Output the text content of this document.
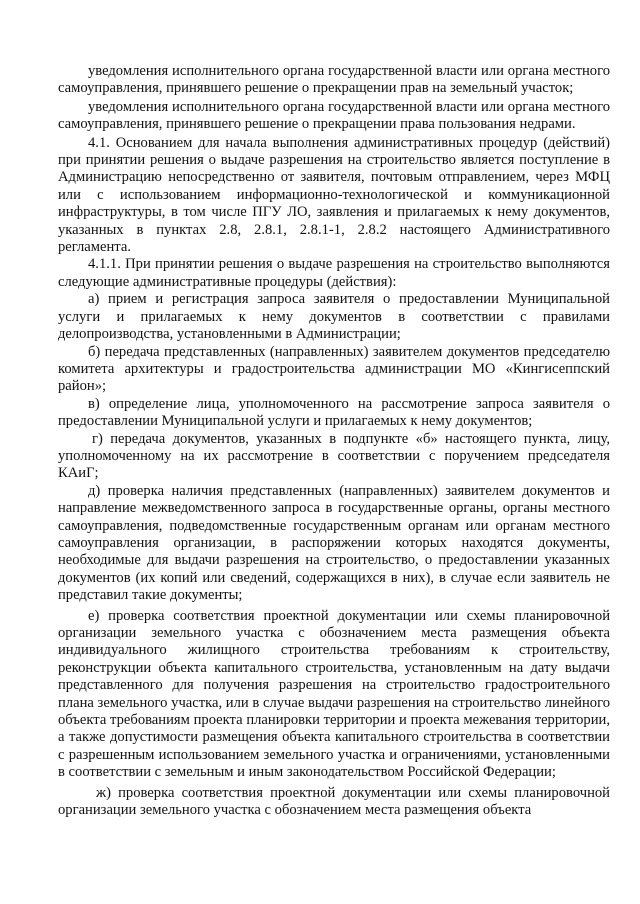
уведомления исполнительного органа государственной власти или органа местного самоуправления, принявшего решение о прекращении прав на земельный участок;

уведомления исполнительного органа государственной власти или органа местного самоуправления, принявшего решение о прекращении права пользования недрами.

4.1. Основанием для начала выполнения административных процедур (действий) при принятии решения о выдаче разрешения на строительство является поступление в Администрацию непосредственно от заявителя, почтовым отправлением, через МФЦ или с использованием информационно-технологической и коммуникационной инфраструктуры, в том числе ПГУ ЛО, заявления и прилагаемых к нему документов, указанных в пунктах 2.8, 2.8.1, 2.8.1-1, 2.8.2 настоящего Административного регламента.

4.1.1. При принятии решения о выдаче разрешения на строительство выполняются следующие административные процедуры (действия):

а) прием и регистрация запроса заявителя о предоставлении Муниципальной услуги и прилагаемых к нему документов в соответствии с правилами делопроизводства, установленными в Администрации;

б) передача представленных (направленных) заявителем документов председателю комитета архитектуры и градостроительства администрации МО «Кингисеппский район»;

в) определение лица, уполномоченного на рассмотрение запроса заявителя о предоставлении Муниципальной услуги и прилагаемых к нему документов;

г) передача документов, указанных в подпункте «б» настоящего пункта, лицу, уполномоченному на их рассмотрение в соответствии с поручением председателя КАиГ;

д) проверка наличия представленных (направленных) заявителем документов и направление межведомственного запроса в государственные органы, органы местного самоуправления, подведомственные государственным органам или органам местного самоуправления организации, в распоряжении которых находятся документы, необходимые для выдачи разрешения на строительство, о предоставлении указанных документов (их копий или сведений, содержащихся в них), в случае если заявитель не представил такие документы;

е) проверка соответствия проектной документации или схемы планировочной организации земельного участка с обозначением места размещения объекта индивидуального жилищного строительства требованиям к строительству, реконструкции объекта капитального строительства, установленным на дату выдачи представленного для получения разрешения на строительство градостроительного плана земельного участка, или в случае выдачи разрешения на строительство линейного объекта требованиям проекта планировки территории и проекта межевания территории, а также допустимости размещения объекта капитального строительства в соответствии с разрешенным использованием земельного участка и ограничениями, установленными в соответствии с земельным и иным законодательством Российской Федерации;

ж) проверка соответствия проектной документации или схемы планировочной организации земельного участка с обозначением места размещения объекта
